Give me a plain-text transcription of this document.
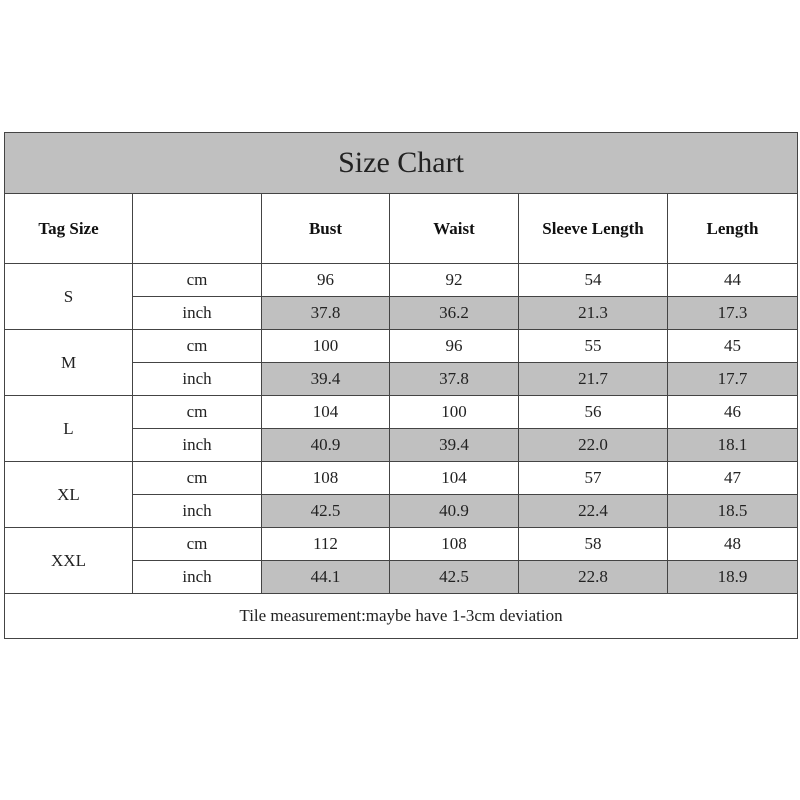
Size Chart					
Tag Size		Bust	Waist	Sleeve Length	Length
S	cm	96	92	54	44
	inch	37.8	36.2	21.3	17.3
M	cm	100	96	55	45
	inch	39.4	37.8	21.7	17.7
L	cm	104	100	56	46
	inch	40.9	39.4	22.0	18.1
XL	cm	108	104	57	47
	inch	42.5	40.9	22.4	18.5
XXL	cm	112	108	58	48
	inch	44.1	42.5	22.8	18.9
Tile measurement:maybe have 1-3cm deviation					
